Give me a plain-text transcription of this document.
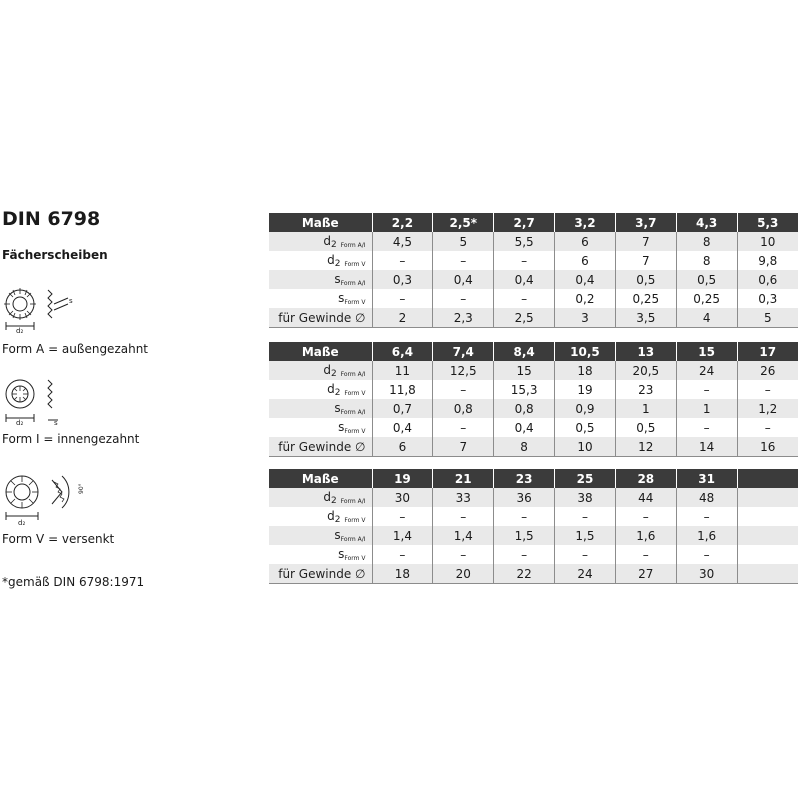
DIN 6798
Fächerscheiben
d₂
s
Form A = außengezahnt
d₂	s
Form I = innengezahnt
d₂
90°
Form V = versenkt
*gemäß DIN 6798:1971
Maße	2,2	2,5*	2,7	3,2	3,7	4,3	5,3
$d_2$ $_{Form A/I}$	4,5	5	5,5	6	7	8	10
$d_2$ $_{Form V}$	–	–	–	6	7	8	9,8
$s_{Form A/I}$	0,3	0,4	0,4	0,4	0,5	0,5	0,6
$s_{Form V}$	–	–	–	0,2	0,25	0,25	0,3
für Gewinde ∅	2	2,3	2,5	3	3,5	4	5
Maße	6,4	7,4	8,4	10,5	13	15	17
$d_2$ $_{Form A/I}$	11	12,5	15	18	20,5	24	26
$d_2$ $_{Form V}$	11,8	–	15,3	19	23	–	–
$s_{Form A/I}$	0,7	0,8	0,8	0,9	1	1	1,2
$s_{Form V}$	0,4	–	0,4	0,5	0,5	–	–
für Gewinde ∅	6	7	8	10	12	14	16
Maße	19	21	23	25	28	31	
$d_2$ $_{Form A/I}$	30	33	36	38	44	48	
$d_2$ $_{Form V}$	–	–	–	–	–	–	
$s_{Form A/I}$	1,4	1,4	1,5	1,5	1,6	1,6	
$s_{Form V}$	–	–	–	–	–	–	
für Gewinde ∅	18	20	22	24	27	30	
